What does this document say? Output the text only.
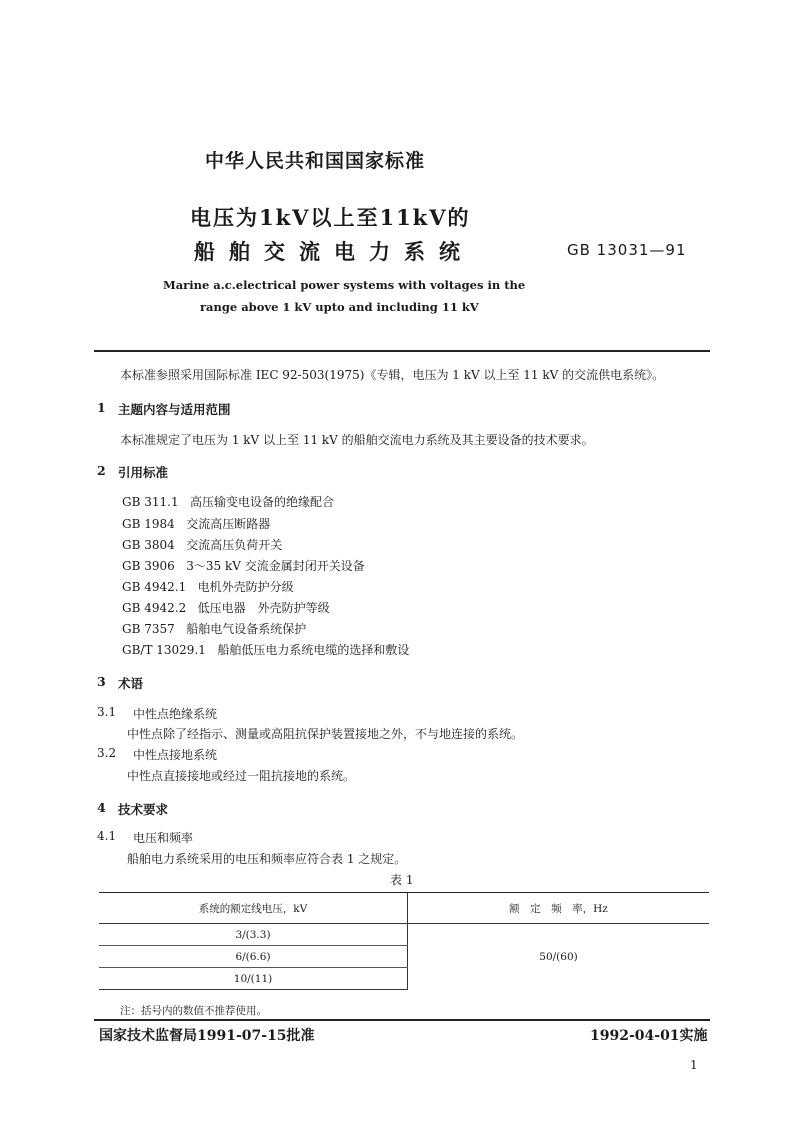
中华人民共和国国家标准
电压为1kV以上至11kV的
船舶交流电力系统	GB 13031—91
Marine a.c.electrical power systems with voltages in the
range above 1 kV upto and including 11 kV
本标准参照采用国际标准 IEC 92-503(1975)《专辑，电压为 1 kV 以上至 11 kV 的交流供电系统》。
1 主题内容与适用范围
本标准规定了电压为 1 kV 以上至 11 kV 的船舶交流电力系统及其主要设备的技术要求。
2 引用标准
GB 311.1 高压输变电设备的绝缘配合
GB 1984 交流高压断路器
GB 3804 交流高压负荷开关
GB 3906 3～35 kV 交流金属封闭开关设备
GB 4942.1 电机外壳防护分级
GB 4942.2 低压电器　外壳防护等级
GB 7357 船舶电气设备系统保护
GB/T 13029.1 船舶低压电力系统电缆的选择和敷设
3 术语
3.1 中性点绝缘系统
中性点除了经指示、测量或高阻抗保护装置接地之外，不与地连接的系统。
3.2 中性点接地系统
中性点直接接地或经过一阻抗接地的系统。
4 技术要求
4.1 电压和频率
船舶电力系统采用的电压和频率应符合表 1 之规定。
表 1
系统的额定线电压，kV	额　定　频　率，Hz
3/(3.3)	50/(60)
6/(6.6)	
10/(11)	
注：括号内的数值不推荐使用。
国家技术监督局1991-07-15批准	1992-04-01实施
1
